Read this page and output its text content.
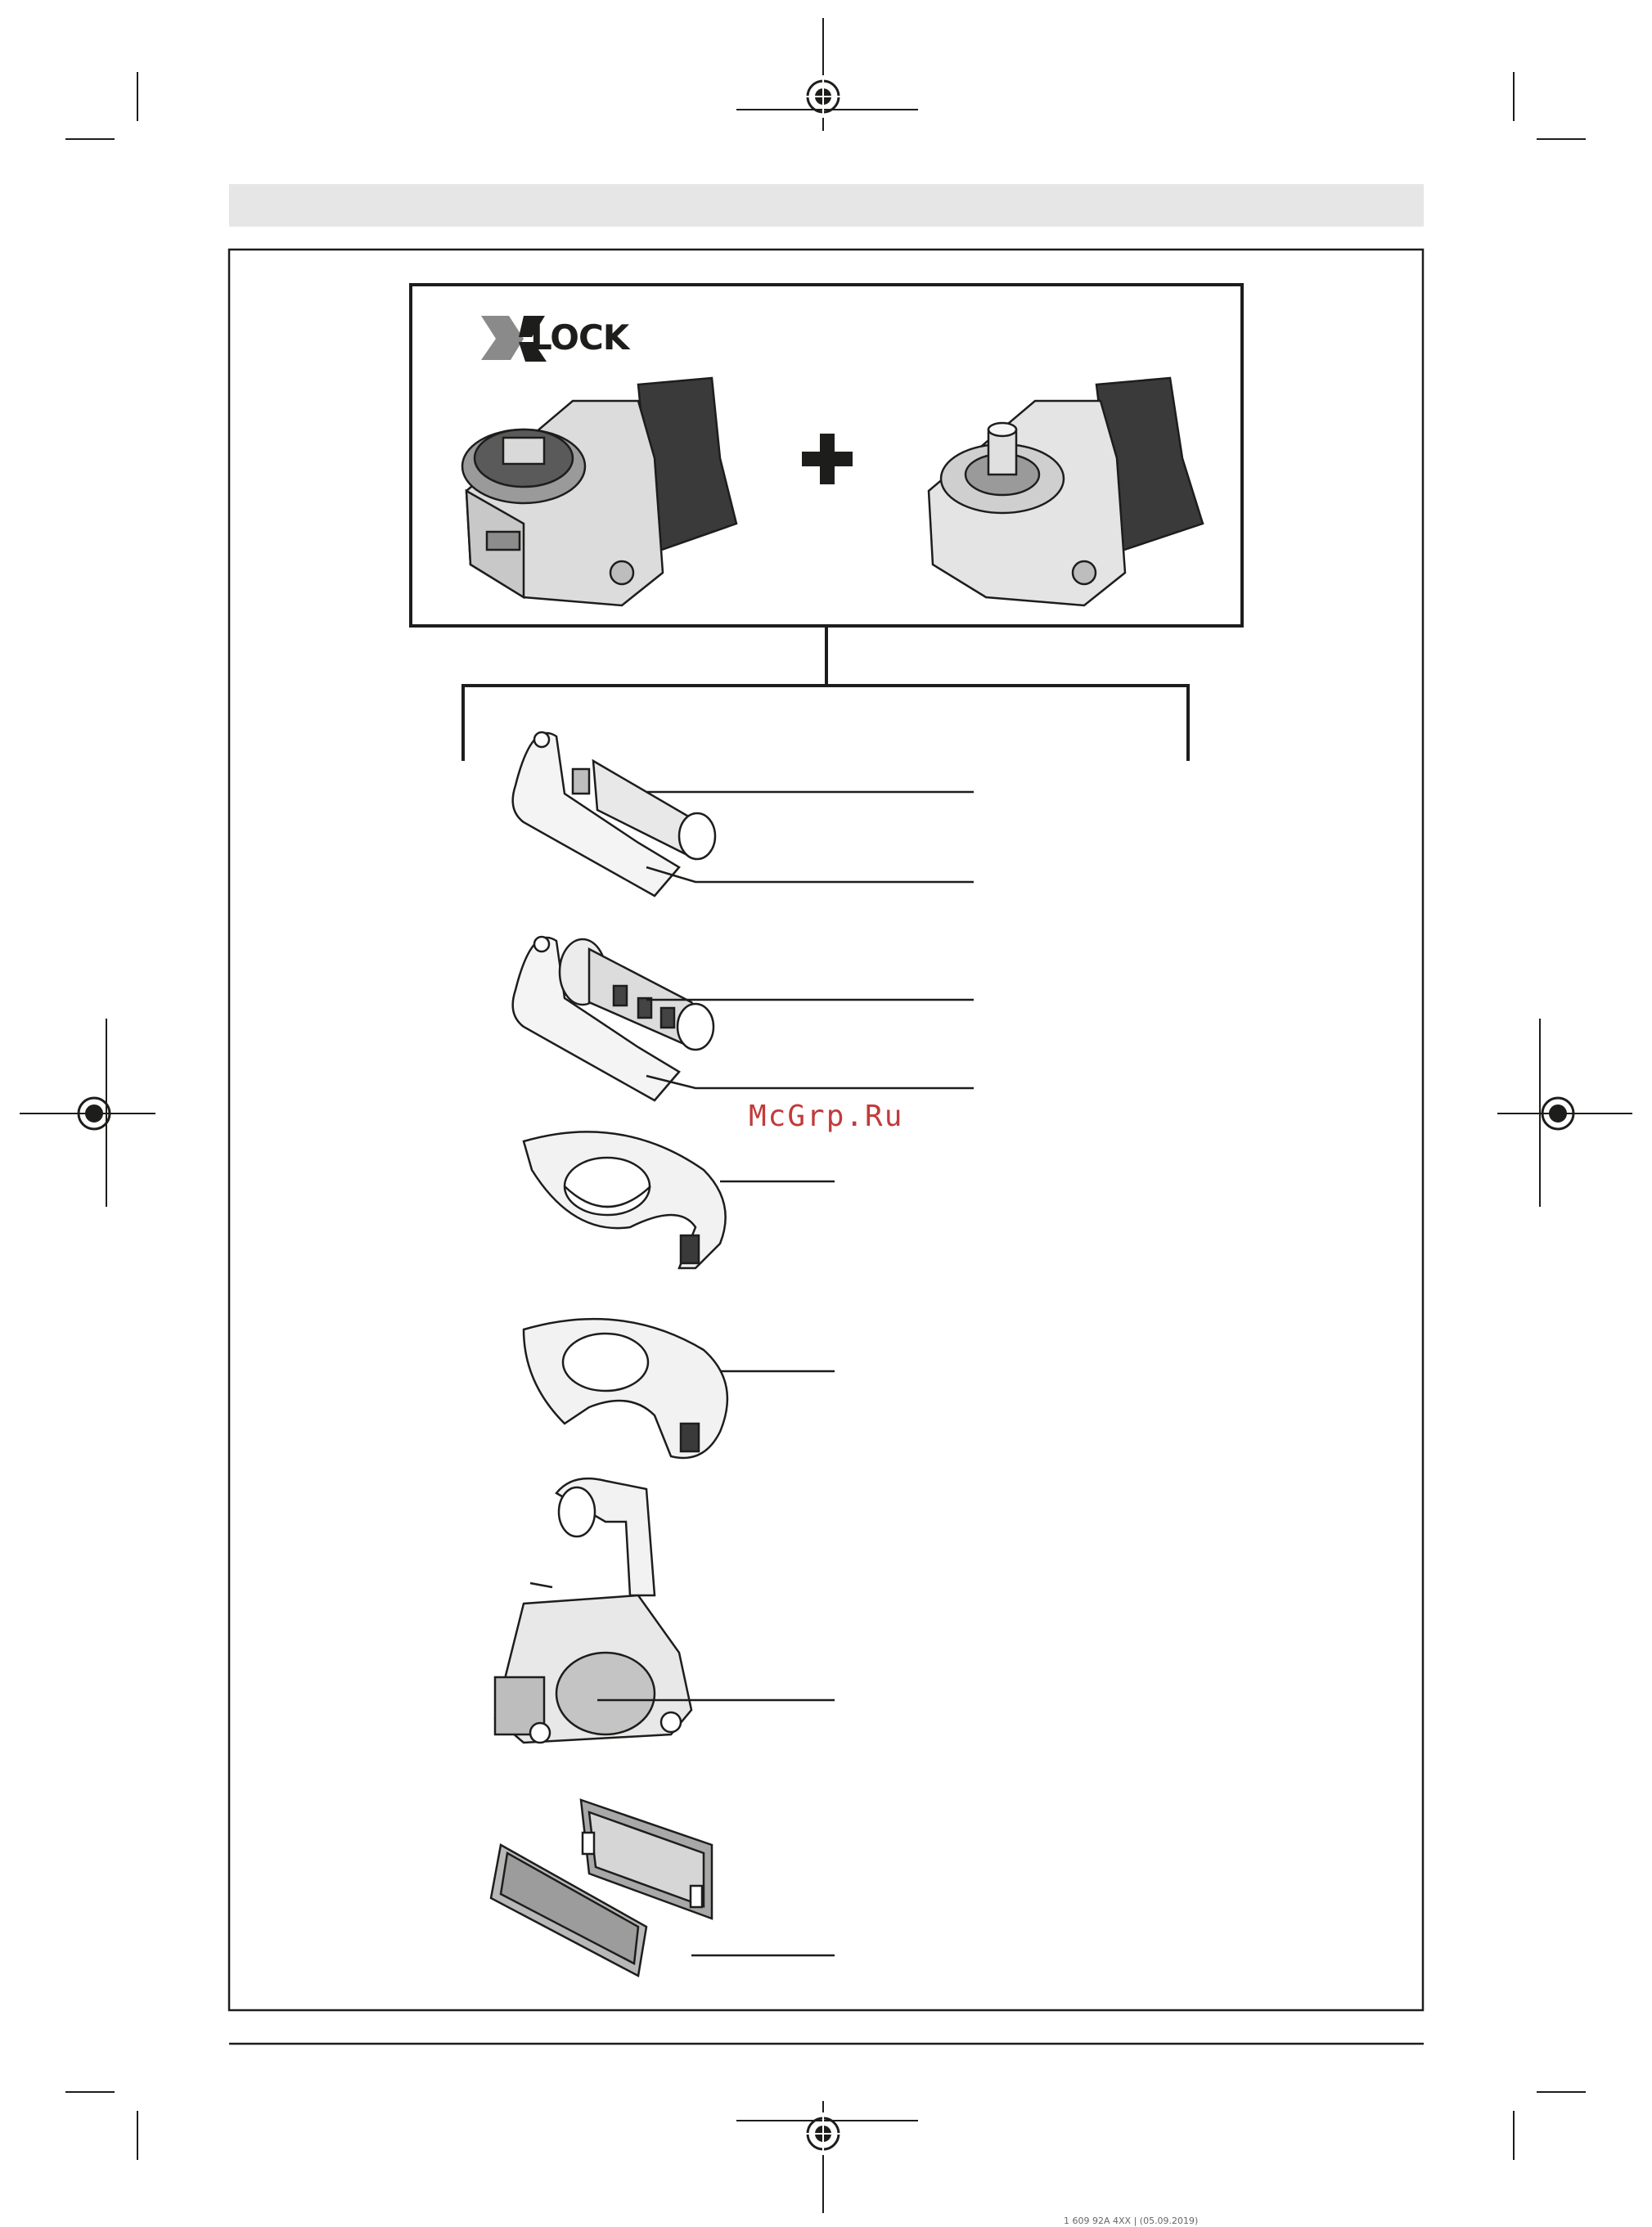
LOCK
McGrp.Ru
1 609 92A 4XX | (05.09.2019)
